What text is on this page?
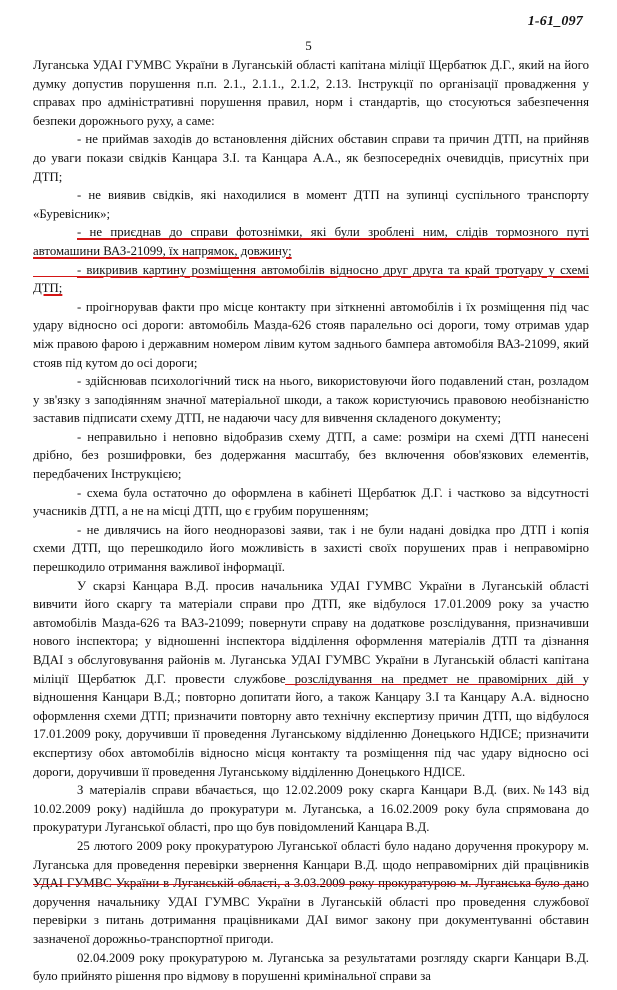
1-61_097
5

Луганська УДАІ ГУМВС України в Луганській області капітана міліції Щербатюк Д.Г., який на його думку допустив порушення п.п. 2.1., 2.1.1., 2.1.2, 2.13. Інструкції по організації провадження у справах про адміністративні порушення правил, норм і стандартів, що стосуються забезпечення безпеки дорожнього руху, а саме:

- не приймав заходів до встановлення дійсних обставин справи та причин ДТП, на прийняв до уваги покази свідків Канцара З.І. та Канцара А.А., як безпосередніх очевидців, присутніх при ДТП;

- не виявив свідків, які находилися в момент ДТП на зупинці суспільного транспорту «Буревісник»;

- не приєднав до справи фотознімки, які були зроблені ним, слідів тормозного путі автомашини ВАЗ-21099, їх напрямок, довжину;

- викривив картину розміщення автомобілів відносно друг друга та край тротуару у схемі ДТП;

- проігнорував факти про місце контакту при зіткненні автомобілів і їх розміщення під час удару відносно осі дороги: автомобіль Мазда-626 стояв паралельно осі дороги, тому отримав удар між правою фарою і державним номером лівим кутом заднього бампера автомобіля ВАЗ-21099, який стояв під кутом до осі дороги;

- здійснював психологічний тиск на нього, використовуючи його подавлений стан, розладом у зв'язку з заподіянням значної матеріальної шкоди, а також користуючись правовою необізнаністю заставив підписати схему ДТП, не надаючи часу для вивчення складеного документу;

- неправильно і неповно відобразив схему ДТП, а саме: розміри на схемі ДТП нанесені дрібно, без розшифровки, без додержання масштабу, без включення обов'язкових елементів, передбачених Інструкцією;

- схема була остаточно до оформлена в кабінеті Щербатюк Д.Г. і частково за відсутності учасників ДТП, а не на місці ДТП, що є грубим порушенням;

- не дивлячись на його неодноразові заяви, так і не були надані довідка про ДТП і копія схеми ДТП, що перешкодило його можливість в захисті своїх порушених прав і неправомірно перешкодило отримання важливої інформації.

У скарзі Канцара В.Д. просив начальника УДАІ ГУМВС України в Луганській області вивчити його скаргу та матеріали справи про ДТП, яке відбулося 17.01.2009 року за участю автомобілів Мазда-626 та ВАЗ-21099; повернути справу на додаткове розслідування, призначивши нового інспектора; у відношенні інспектора відділення оформлення матеріалів ДТП та дізнання ВДАІ з обслуговування районів м. Луганська УДАІ ГУМВС України в Луганській області капітана міліції Щербатюк Д.Г. провести службове розслідування на предмет не правомірних дій у відношення Канцари В.Д.; повторно допитати його, а також Канцару З.І та Канцару А.А. відносно оформлення схеми ДТП; призначити повторну авто технічну експертизу причин ДТП, що відбулося 17.01.2009 року, доручивши її проведення Луганському відділенню Донецького НДІСЕ; призначити експертизу обох автомобілів відносно місця контакту та розміщення під час удару відносно осі дороги, доручивши її проведення Луганському відділенню Донецького НДІСЕ.

З матеріалів справи вбачається, що 12.02.2009 року скарга Канцари В.Д. (вих.№143 від 10.02.2009 року) надійшла до прокуратури м. Луганська, а 16.02.2009 року була спрямована до прокуратури Луганської області, про що був повідомлений Канцара В.Д.

25 лютого 2009 року прокуратурою Луганської області було надано доручення прокурору м. Луганська для проведення перевірки звернення Канцари В.Д. щодо неправомірних дій працівників УДАІ ГУМВС України в Луганській області, а 3.03.2009 року прокуратурою м. Луганська було дано доручення начальнику УДАІ ГУМВС України в Луганській області про проведення службової перевірки з питань дотримання працівниками ДАІ вимог закону при документуванні обставин зазначеної дорожньо-транспортної пригоди.

02.04.2009 року прокуратурою м. Луганська за результатами розгляду скарги Канцари В.Д. було прийнято рішення про відмову в порушенні кримінальної справи за
